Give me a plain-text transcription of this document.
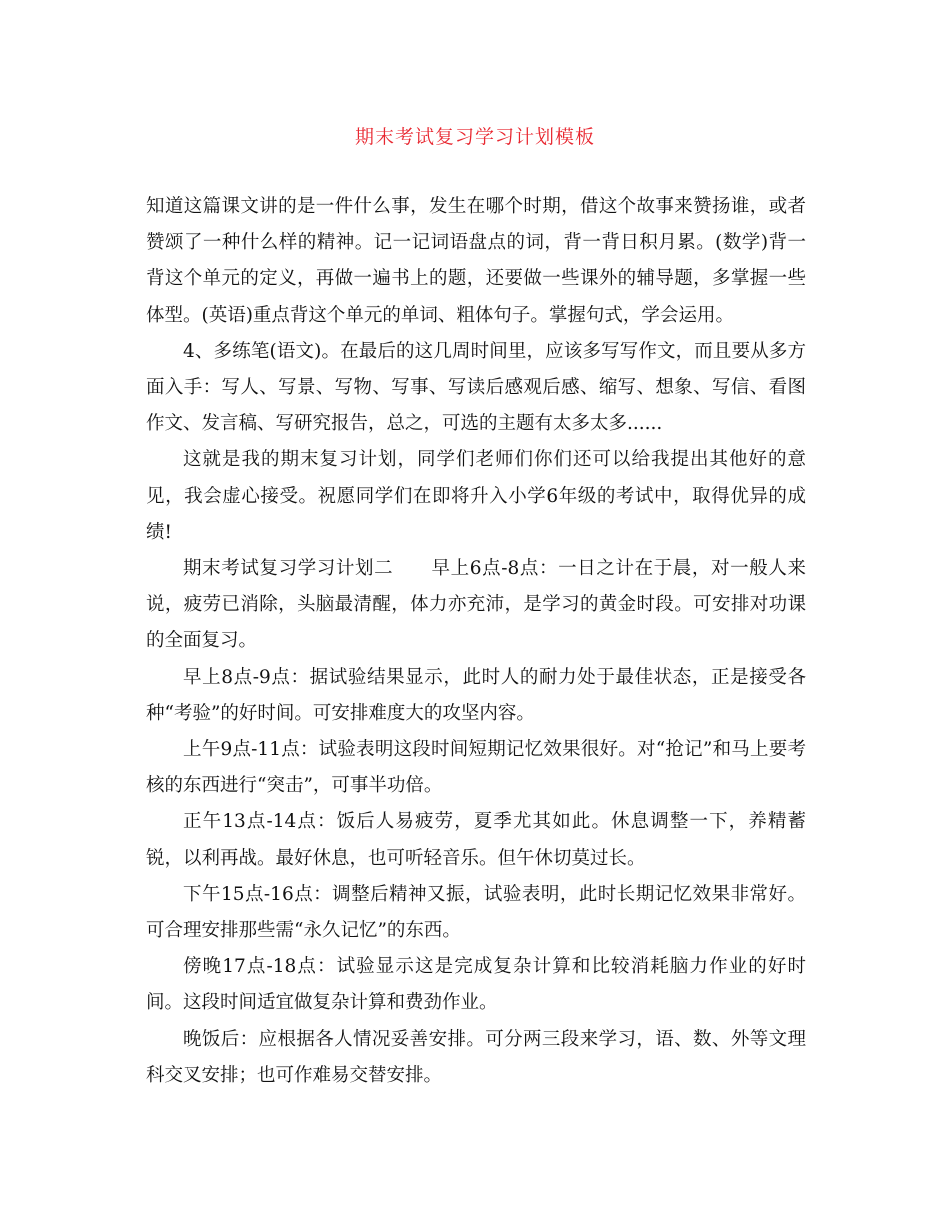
期末考试复习学习计划模板

知道这篇课文讲的是一件什么事，发生在哪个时期，借这个故事来赞扬谁，或者赞颂了一种什么样的精神。记一记词语盘点的词，背一背日积月累。(数学)背一背这个单元的定义，再做一遍书上的题，还要做一些课外的辅导题，多掌握一些体型。(英语)重点背这个单元的单词、粗体句子。掌握句式，学会运用。

4、多练笔(语文)。在最后的这几周时间里，应该多写写作文，而且要从多方面入手：写人、写景、写物、写事、写读后感观后感、缩写、想象、写信、看图作文、发言稿、写研究报告，总之，可选的主题有太多太多......

这就是我的期末复习计划，同学们老师们你们还可以给我提出其他好的意见，我会虚心接受。祝愿同学们在即将升入小学6年级的考试中，取得优异的成绩!

期末考试复习学习计划二　　早上6点-8点：一日之计在于晨，对一般人来说，疲劳已消除，头脑最清醒，体力亦充沛，是学习的黄金时段。可安排对功课的全面复习。

早上8点-9点：据试验结果显示，此时人的耐力处于最佳状态，正是接受各种“考验”的好时间。可安排难度大的攻坚内容。

上午9点-11点：试验表明这段时间短期记忆效果很好。对“抢记”和马上要考核的东西进行“突击”，可事半功倍。

正午13点-14点：饭后人易疲劳，夏季尤其如此。休息调整一下，养精蓄锐，以利再战。最好休息，也可听轻音乐。但午休切莫过长。

下午15点-16点：调整后精神又振，试验表明，此时长期记忆效果非常好。可合理安排那些需“永久记忆”的东西。

傍晚17点-18点：试验显示这是完成复杂计算和比较消耗脑力作业的好时间。这段时间适宜做复杂计算和费劲作业。

晚饭后：应根据各人情况妥善安排。可分两三段来学习，语、数、外等文理科交叉安排；也可作难易交替安排。
